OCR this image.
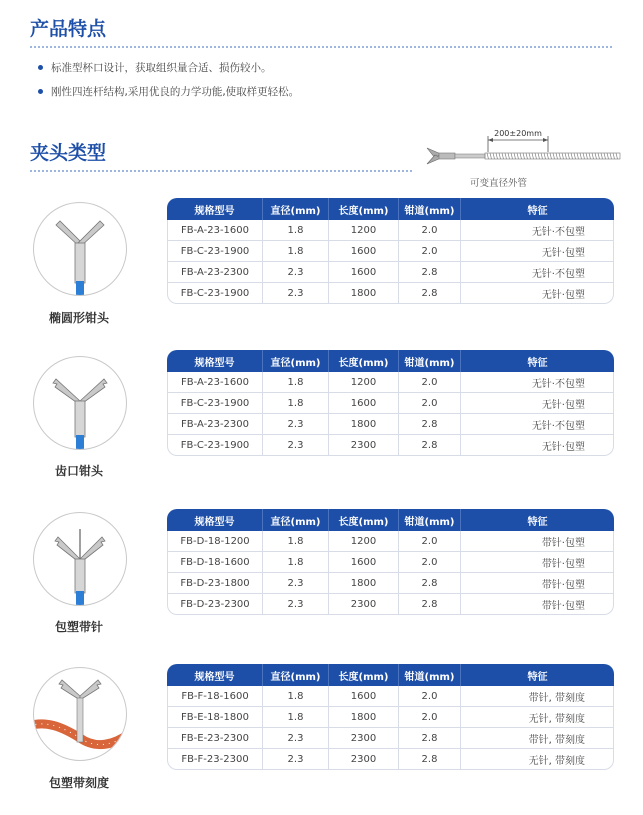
产品特点
标准型杯口设计，获取组织量合适、损伤较小。
刚性四连杆结构,采用优良的力学功能,使取样更轻松。
夹头类型
200±20mm
可变直径外管
椭圆形钳头
规格型号	直径(mm)	长度(mm)	钳道(mm)	特征
FB-A-23-1600	1.8	1200	2.0	无针·不包塑
FB-C-23-1900	1.8	1600	2.0	无针·包塑
FB-A-23-2300	2.3	1600	2.8	无针·不包塑
FB-C-23-1900	2.3	1800	2.8	无针·包塑
齿口钳头
规格型号	直径(mm)	长度(mm)	钳道(mm)	特征
FB-A-23-1600	1.8	1200	2.0	无针·不包塑
FB-C-23-1900	1.8	1600	2.0	无针·包塑
FB-A-23-2300	2.3	1800	2.8	无针·不包塑
FB-C-23-1900	2.3	2300	2.8	无针·包塑
包塑带针
规格型号	直径(mm)	长度(mm)	钳道(mm)	特征
FB-D-18-1200	1.8	1200	2.0	带针·包塑
FB-D-18-1600	1.8	1600	2.0	带针·包塑
FB-D-23-1800	2.3	1800	2.8	带针·包塑
FB-D-23-2300	2.3	2300	2.8	带针·包塑
包塑带刻度
规格型号	直径(mm)	长度(mm)	钳道(mm)	特征
FB-F-18-1600	1.8	1600	2.0	带针, 带刻度
FB-E-18-1800	1.8	1800	2.0	无针, 带刻度
FB-E-23-2300	2.3	2300	2.8	带针, 带刻度
FB-F-23-2300	2.3	2300	2.8	无针, 带刻度
